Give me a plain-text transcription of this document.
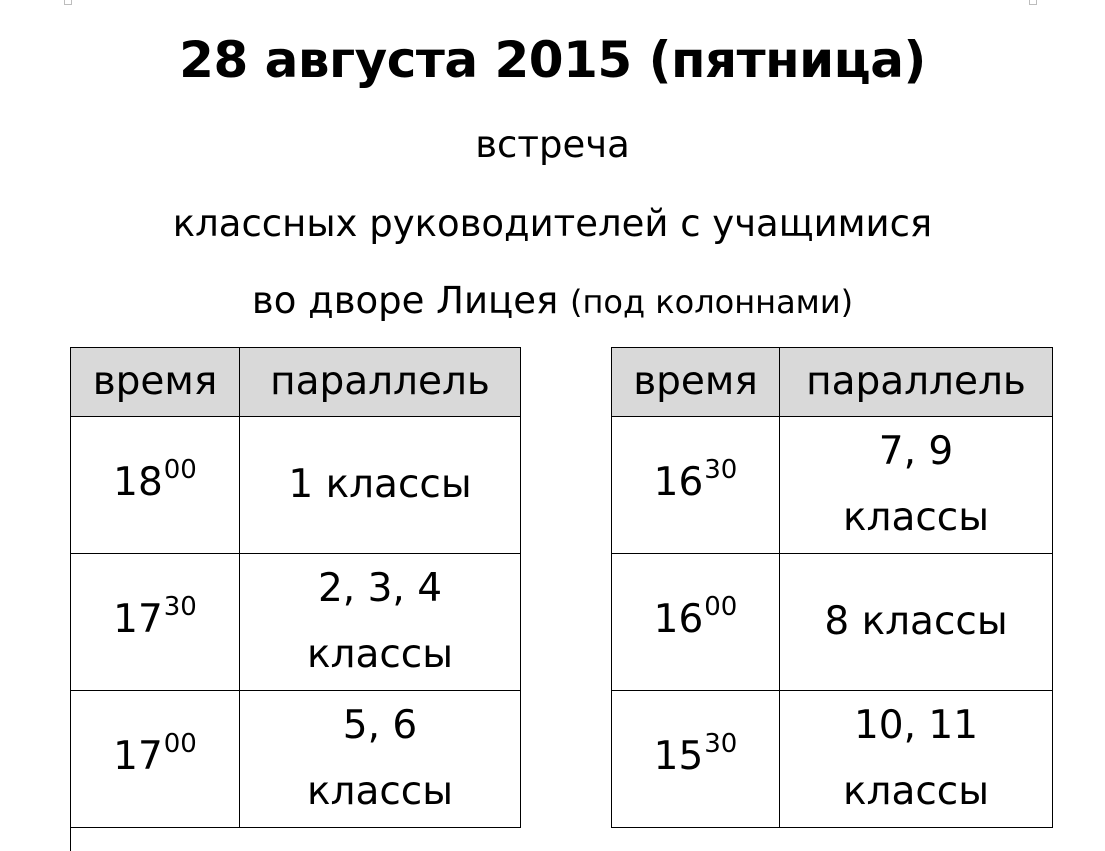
28 августа 2015 (пятница)
встреча
классных руководителей с учащимися
во дворе Лицея (под колоннами)
время	параллель
$18^{00}$	1 классы

$17^{30}$	2, 3, 4
классы

$17^{00}$	5, 6
классы
время	параллель
$16^{30}$	7, 9
классы

$16^{00}$	8 классы

$15^{30}$	10, 11
классы
